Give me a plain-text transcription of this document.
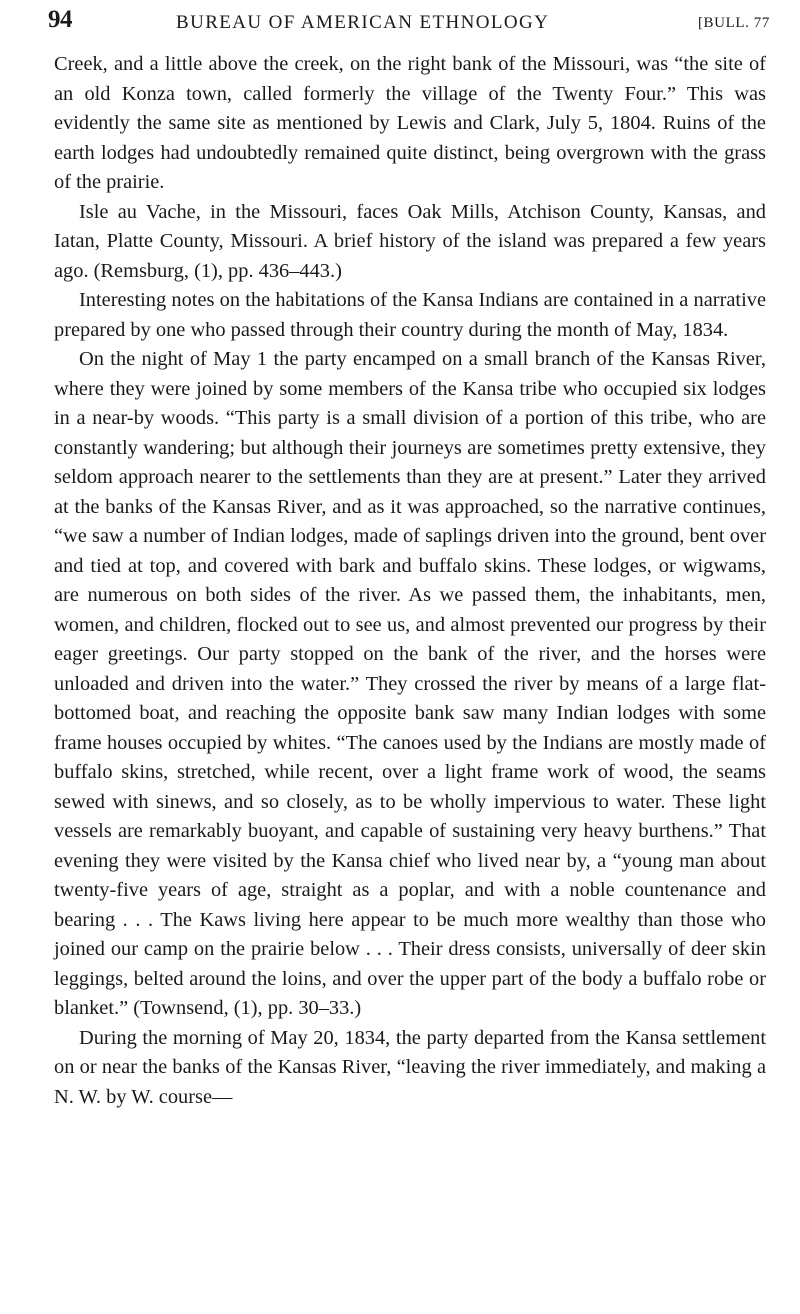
94	BUREAU OF AMERICAN ETHNOLOGY	[BULL. 77

Creek, and a little above the creek, on the right bank of the Missouri, was “the site of an old Konza town, called formerly the village of the Twenty Four.” This was evidently the same site as mentioned by Lewis and Clark, July 5, 1804. Ruins of the earth lodges had undoubtedly remained quite distinct, being overgrown with the grass of the prairie.

Isle au Vache, in the Missouri, faces Oak Mills, Atchison County, Kansas, and Iatan, Platte County, Missouri. A brief history of the island was prepared a few years ago. (Remsburg, (1), pp. 436–443.)

Interesting notes on the habitations of the Kansa Indians are contained in a narrative prepared by one who passed through their country during the month of May, 1834.

On the night of May 1 the party encamped on a small branch of the Kansas River, where they were joined by some members of the Kansa tribe who occupied six lodges in a near-by woods. “This party is a small division of a portion of this tribe, who are constantly wandering; but although their journeys are sometimes pretty extensive, they seldom approach nearer to the settlements than they are at present.” Later they arrived at the banks of the Kansas River, and as it was approached, so the narrative continues, “we saw a number of Indian lodges, made of saplings driven into the ground, bent over and tied at top, and covered with bark and buffalo skins. These lodges, or wigwams, are numerous on both sides of the river. As we passed them, the inhabitants, men, women, and children, flocked out to see us, and almost prevented our progress by their eager greetings. Our party stopped on the bank of the river, and the horses were unloaded and driven into the water.” They crossed the river by means of a large flat-bottomed boat, and reaching the opposite bank saw many Indian lodges with some frame houses occupied by whites. “The canoes used by the Indians are mostly made of buffalo skins, stretched, while recent, over a light frame work of wood, the seams sewed with sinews, and so closely, as to be wholly impervious to water. These light vessels are remarkably buoyant, and capable of sustaining very heavy burthens.” That evening they were visited by the Kansa chief who lived near by, a “young man about twenty-five years of age, straight as a poplar, and with a noble countenance and bearing . . . The Kaws living here appear to be much more wealthy than those who joined our camp on the prairie below . . . Their dress consists, universally of deer skin leggings, belted around the loins, and over the upper part of the body a buffalo robe or blanket.” (Townsend, (1), pp. 30–33.)

During the morning of May 20, 1834, the party departed from the Kansa settlement on or near the banks of the Kansas River, “leaving the river immediately, and making a N. W. by W. course—
